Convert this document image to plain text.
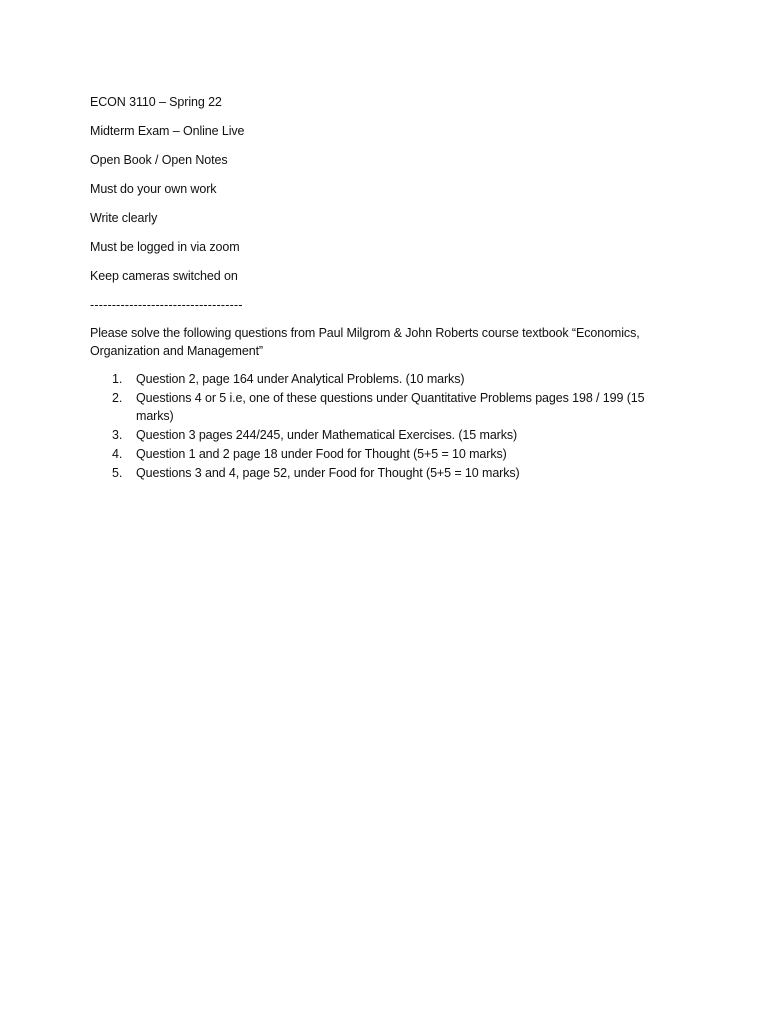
ECON 3110 – Spring 22
Midterm Exam – Online Live
Open Book / Open Notes
Must do your own work
Write clearly
Must be logged in via zoom
Keep cameras switched on
-----------------------------------
Please solve the following questions from Paul Milgrom & John Roberts course textbook “Economics, Organization and Management”
1. Question 2, page 164 under Analytical Problems. (10 marks)
2. Questions 4 or 5 i.e, one of these questions under Quantitative Problems pages 198 / 199 (15 marks)
3. Question 3 pages 244/245, under Mathematical Exercises. (15 marks)
4. Question 1 and 2 page 18 under Food for Thought (5+5 = 10 marks)
5. Questions 3 and 4, page 52, under Food for Thought (5+5 = 10 marks)
